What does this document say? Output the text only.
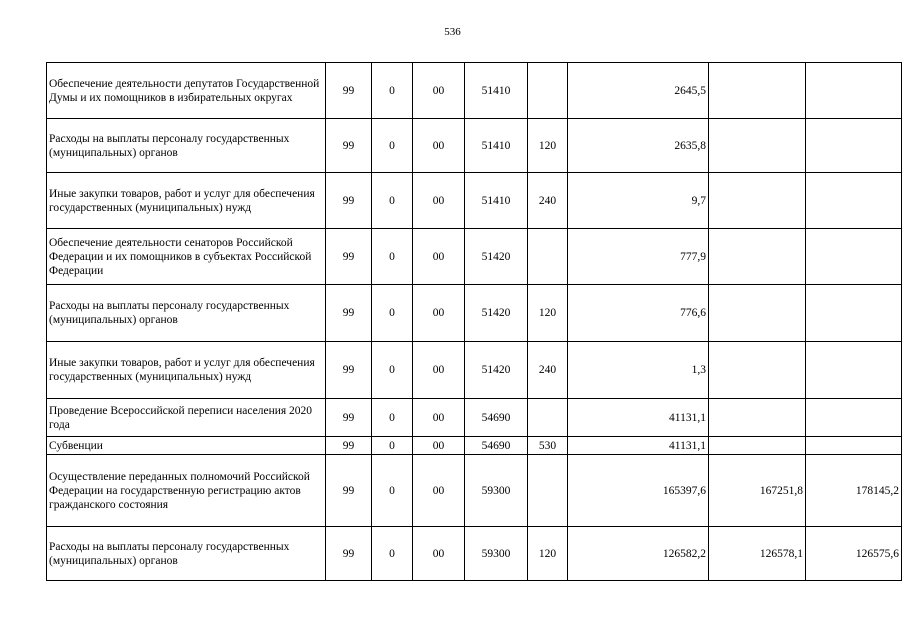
536
Обеспечение деятельности депутатов Государственной Думы и их помощников в избирательных округах	99	0	00	51410		2645,5		
Расходы на выплаты персоналу государственных (муниципальных) органов	99	0	00	51410	120	2635,8		
Иные закупки товаров, работ и услуг для обеспечения государственных (муниципальных) нужд	99	0	00	51410	240	9,7		
Обеспечение деятельности сенаторов Российской Федерации и их помощников в субъектах Российской Федерации	99	0	00	51420		777,9		
Расходы на выплаты персоналу государственных (муниципальных) органов	99	0	00	51420	120	776,6		
Иные закупки товаров, работ и услуг для обеспечения государственных (муниципальных) нужд	99	0	00	51420	240	1,3		
Проведение Всероссийской переписи населения 2020 года	99	0	00	54690		41131,1		
Субвенции	99	0	00	54690	530	41131,1		
Осуществление переданных полномочий Российской Федерации на государственную регистрацию актов гражданского состояния	99	0	00	59300		165397,6	167251,8	178145,2
Расходы на выплаты персоналу государственных (муниципальных) органов	99	0	00	59300	120	126582,2	126578,1	126575,6
